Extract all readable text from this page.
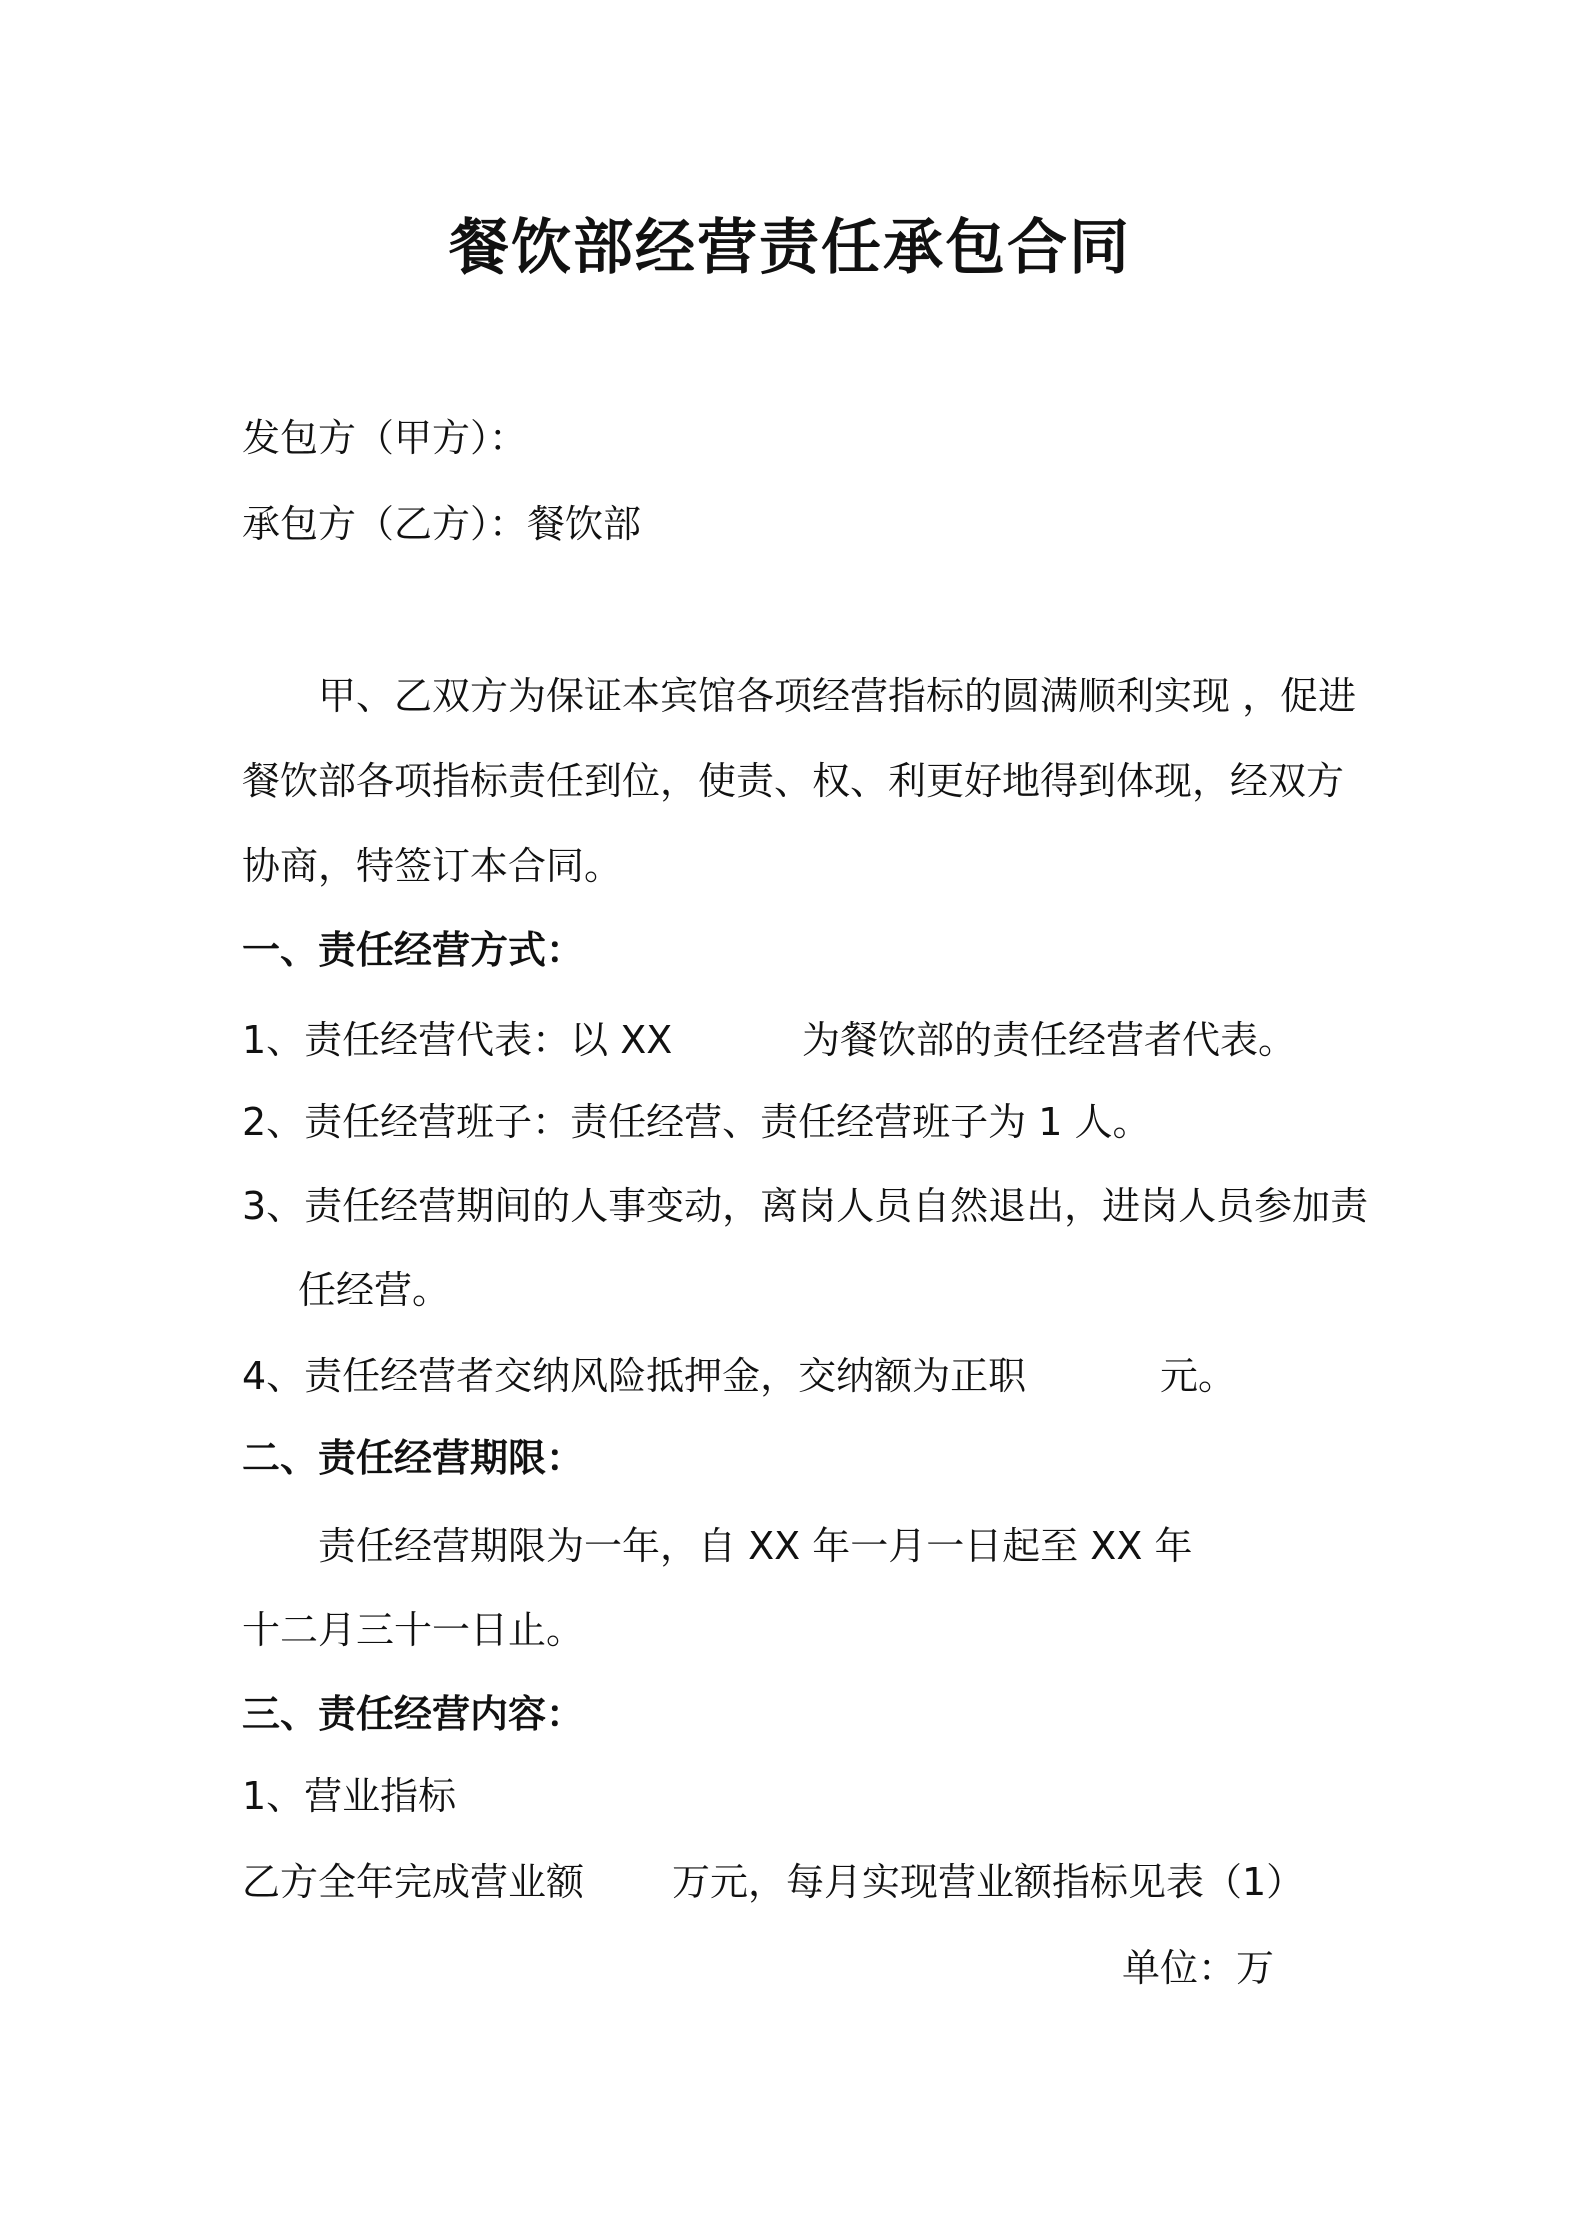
餐饮部经营责任承包合同
发包方（甲方）：
承包方（乙方）：餐饮部
甲、乙双方为保证本宾馆各项经营指标的圆满顺利实现 ，促进
餐饮部各项指标责任到位，使责、权、利更好地得到体现，经双方
协商，特签订本合同。
一、责任经营方式：
1、责任经营代表：以 XX	为餐饮部的责任经营者代表。
2、责任经营班子：责任经营、责任经营班子为 1 人。
3、责任经营期间的人事变动，离岗人员自然退出，进岗人员参加责
任经营。
4、责任经营者交纳风险抵押金，交纳额为正职	元。
二、责任经营期限：
责任经营期限为一年，自 XX 年一月一日起至 XX 年
十二月三十一日止。
三、责任经营内容：
1、营业指标
乙方全年完成营业额 万元，每月实现营业额指标见表（1）
单位：万
